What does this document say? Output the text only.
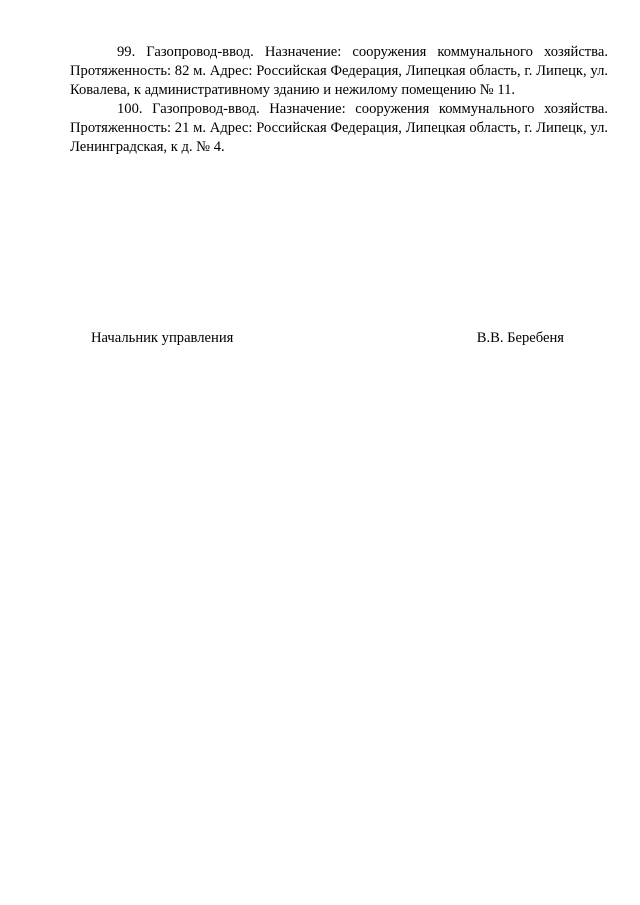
99. Газопровод-ввод. Назначение: сооружения коммунального хозяйства. Протяженность: 82 м. Адрес: Российская Федерация, Липецкая область, г. Липецк, ул. Ковалева, к административному зданию и нежилому помещению № 11.

100. Газопровод-ввод. Назначение: сооружения коммунального хозяйства. Протяженность: 21 м. Адрес: Российская Федерация, Липецкая область, г. Липецк, ул. Ленинградская, к д. № 4.

Начальник управления	В.В. Беребеня
